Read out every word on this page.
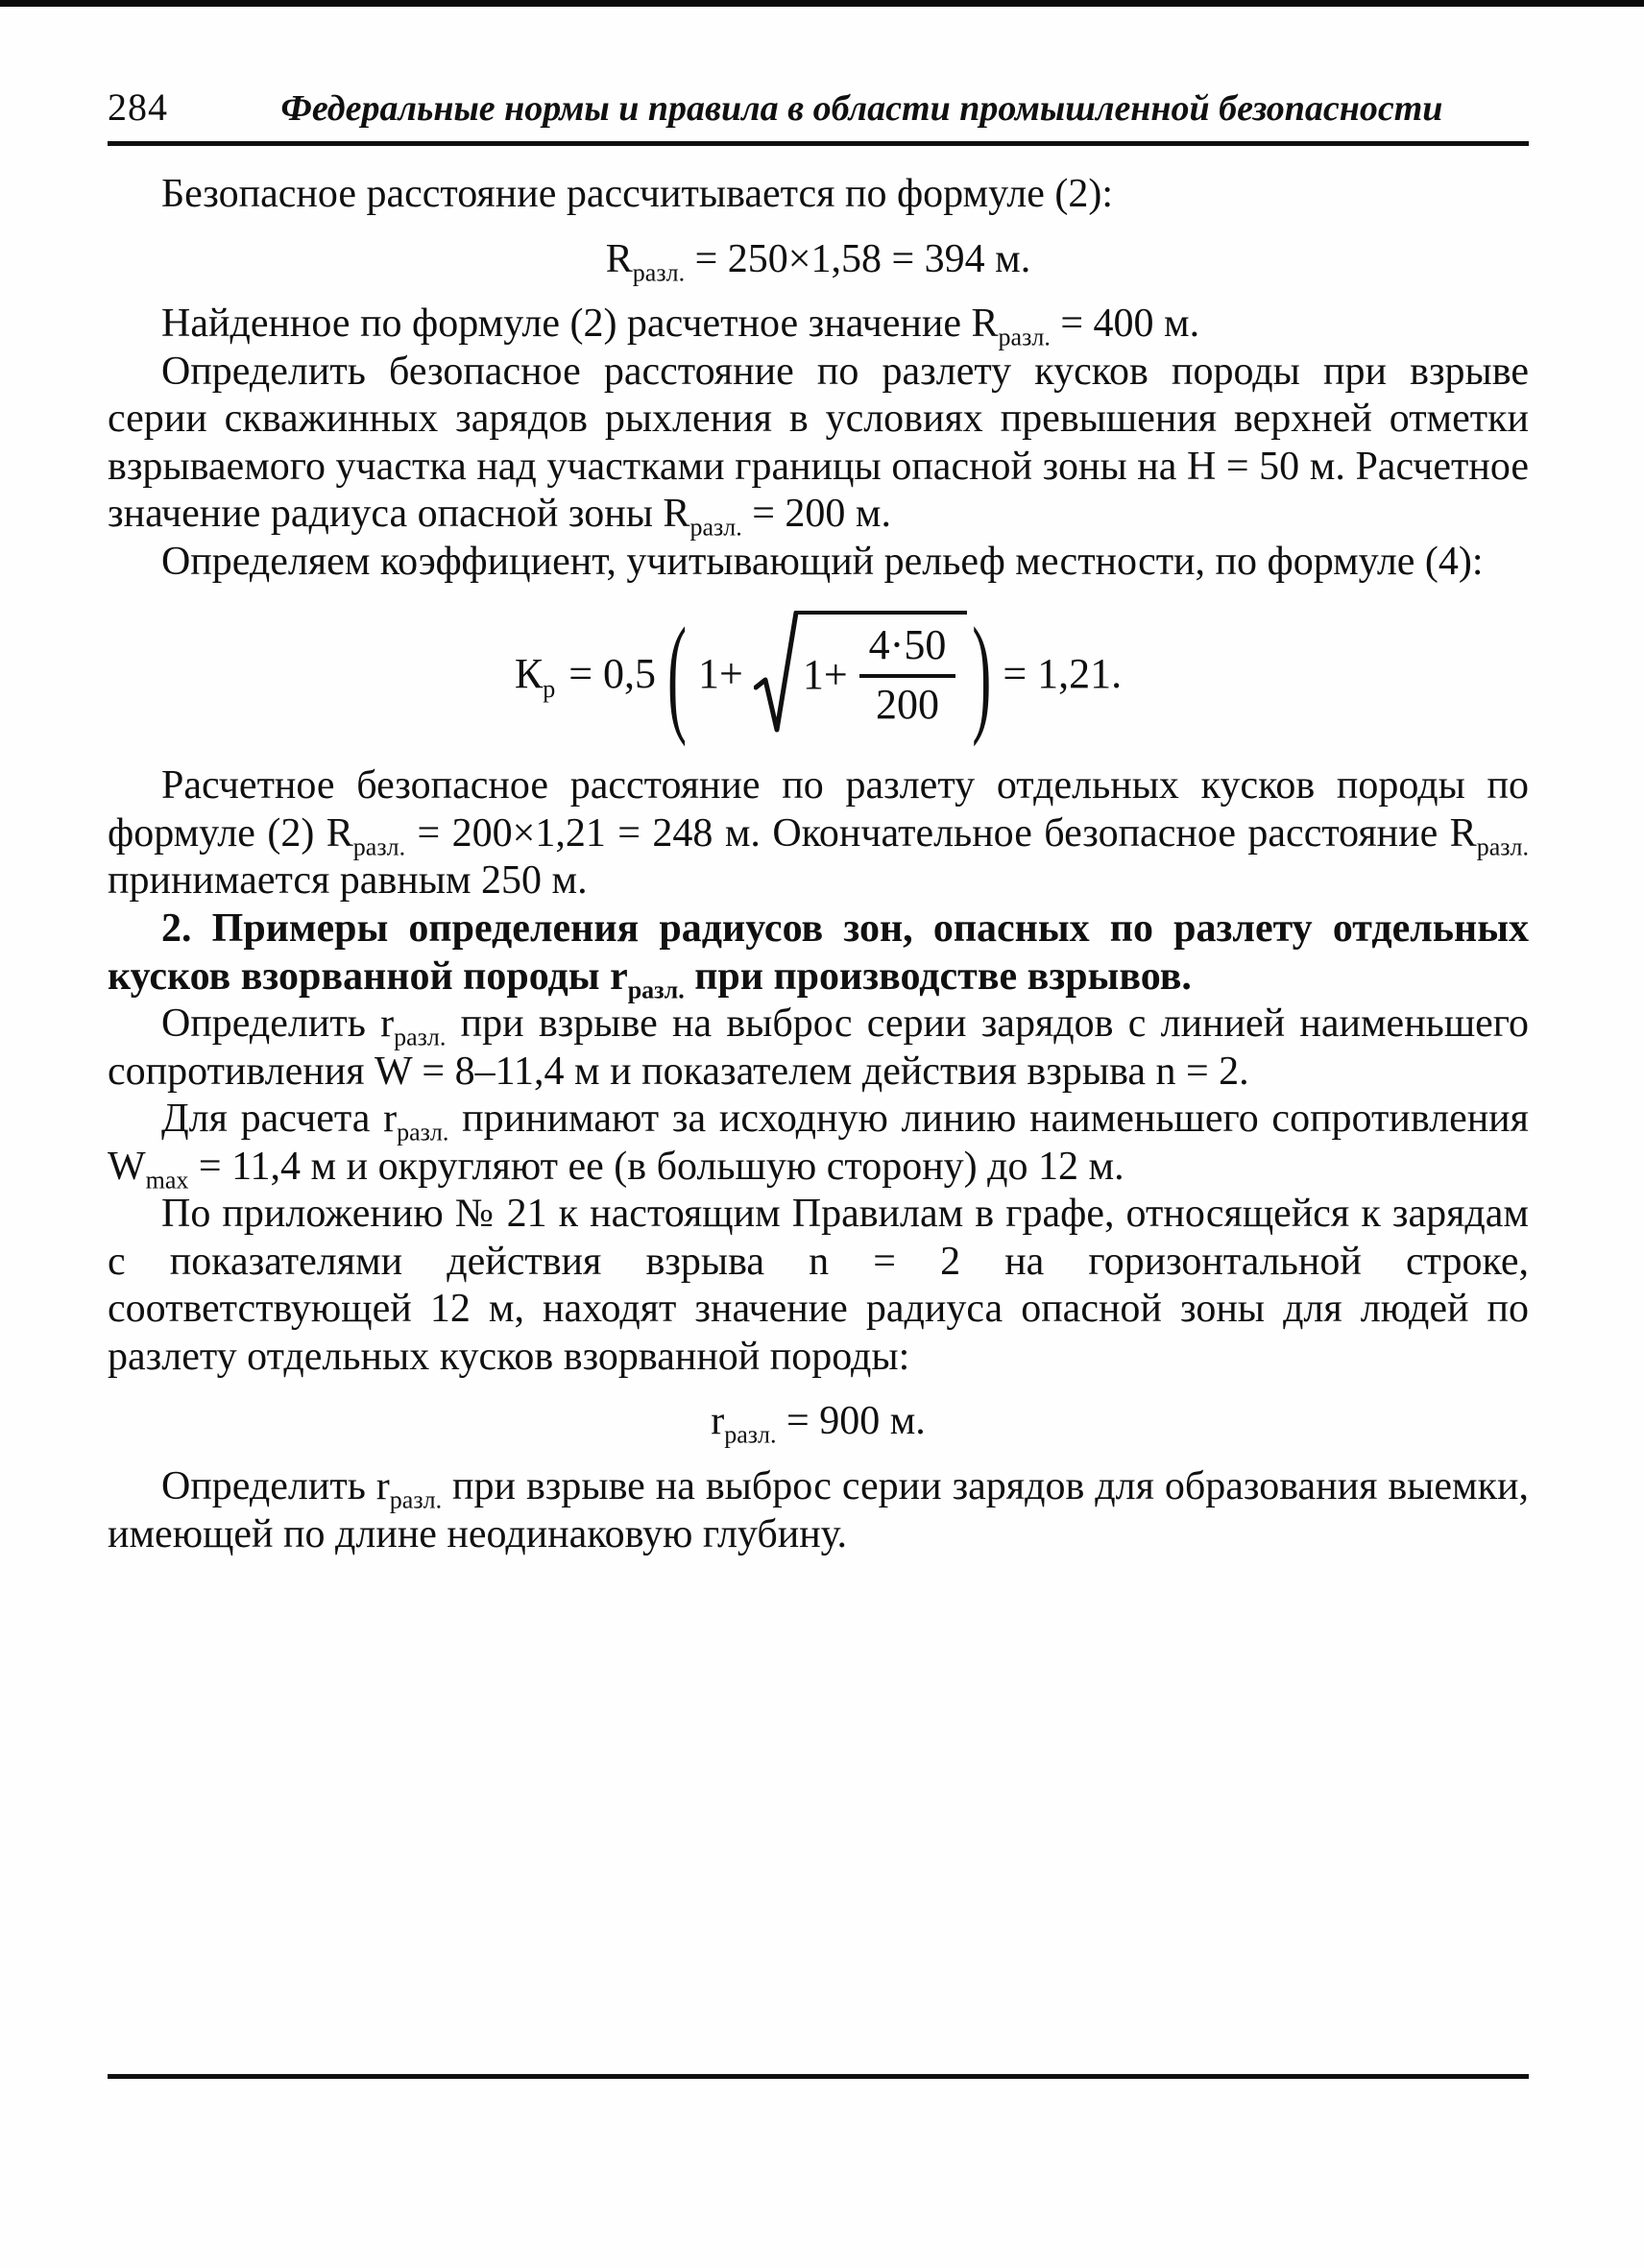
284	Федеральные нормы и правила в области промышленной безопасности

Безопасное расстояние рассчитывается по формуле (2):

$R_{разл.} = 250\times 1,58 = 394$ м.

Найденное по формуле (2) расчетное значение $R_{разл.} = 400$ м.

Определить безопасное расстояние по разлету кусков породы при взрыве серии скважинных зарядов рыхления в условиях превышения верхней отметки взрываемого участка над участками границы опасной зоны на Н = 50 м. Расчетное значение радиуса опасной зоны $R_{разл.} = 200$ м.

Определяем коэффициент, учитывающий рельеф местности, по формуле (4):

$К_р = 0,5$ ( $1+ 1+ \frac{4\cdot 50}{200}$ ) = 1,21.

Расчетное безопасное расстояние по разлету отдельных кусков породы по формуле (2) $R_{разл.} = 200\times 1,21 = 248$ м. Окончательное безопасное расстояние $R_{разл.}$ принимается равным 250 м.

2. Примеры определения радиусов зон, опасных по разлету отдельных кусков взорванной породы $r_{разл.}$ при производстве взрывов.

Определить $r_{разл.}$ при взрыве на выброс серии зарядов с линией наименьшего сопротивления W = 8–11,4 м и показателем действия взрыва n = 2.

Для расчета $r_{разл.}$ принимают за исходную линию наименьшего сопротивления $W_{max} = 11,4$ м и округляют ее (в большую сторону) до 12 м.

По приложению № 21 к настоящим Правилам в графе, относящейся к зарядам с показателями действия взрыва n = 2 на горизонтальной строке, соответствующей 12 м, находят значение радиуса опасной зоны для людей по разлету отдельных кусков взорванной породы:

$r_{разл.} = 900$ м.

Определить $r_{разл.}$ при взрыве на выброс серии зарядов для образования выемки, имеющей по длине неодинаковую глубину.
